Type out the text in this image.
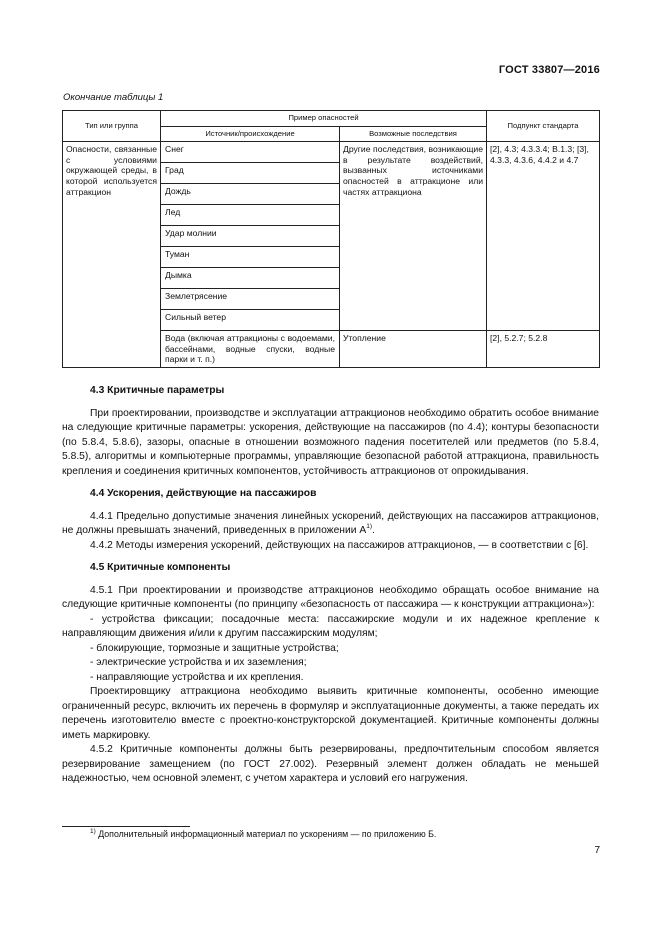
ГОСТ 33807—2016
Окончание таблицы 1
Тип или группа	Пример опасностей		Подпункт стандарта
	Источник/происхождение	Возможные последствия	
Опасности, связанные с условиями окружающей среды, в которой используется аттракцион	Снег	Другие последствия, возникающие в результате воздействий, вызванных источниками опасностей в аттракционе или частях аттракциона	[2], 4.3; 4.3.3.4; В.1.3; [3], 4.3.3, 4.3.6, 4.4.2 и 4.7
	Град		
	Дождь		
	Лед		
	Удар молнии		
	Туман		
	Дымка		
	Землетрясение		
	Сильный ветер		
	Вода (включая аттракционы с водоемами, бассейнами, водные спуски, водные парки и т. п.)	Утопление	[2], 5.2.7; 5.2.8
4.3 Критичные параметры

При проектировании, производстве и эксплуатации аттракционов необходимо обратить особое внимание на следующие критичные параметры: ускорения, действующие на пассажиров (по 4.4); контуры безопасности (по 5.8.4, 5.8.6), зазоры, опасные в отношении возможного падения посетителей или предметов (по 5.8.4, 5.8.5), алгоритмы и компьютерные программы, управляющие безопасной работой аттракциона, правильность крепления и соединения критичных компонентов, устойчивость аттракционов от опрокидывания.

4.4 Ускорения, действующие на пассажиров

4.4.1 Предельно допустимые значения линейных ускорений, действующих на пассажиров аттракционов, не должны превышать значений, приведенных в приложении $А^{1)}$.

4.4.2 Методы измерения ускорений, действующих на пассажиров аттракционов, — в соответствии с [6].

4.5 Критичные компоненты

4.5.1 При проектировании и производстве аттракционов необходимо обращать особое внимание на следующие критичные компоненты (по принципу «безопасность от пассажира — к конструкции аттракциона»):

- устройства фиксации; посадочные места: пассажирские модули и их надежное крепление к направляющим движения и/или к другим пассажирским модулям;

- блокирующие, тормозные и защитные устройства;

- электрические устройства и их заземления;

- направляющие устройства и их крепления.

Проектировщику аттракциона необходимо выявить критичные компоненты, особенно имеющие ограниченный ресурс, включить их перечень в формуляр и эксплуатационные документы, а также передать их перечень изготовителю вместе с проектно-конструкторской документацией. Критичные компоненты должны иметь маркировку.

4.5.2 Критичные компоненты должны быть резервированы, предпочтительным способом является резервирование замещением (по ГОСТ 27.002). Резервный элемент должен обладать не меньшей надежностью, чем основной элемент, с учетом характера и условий его нагружения.

$^{1)}$ Дополнительный информационный материал по ускорениям — по приложению Б.
7
